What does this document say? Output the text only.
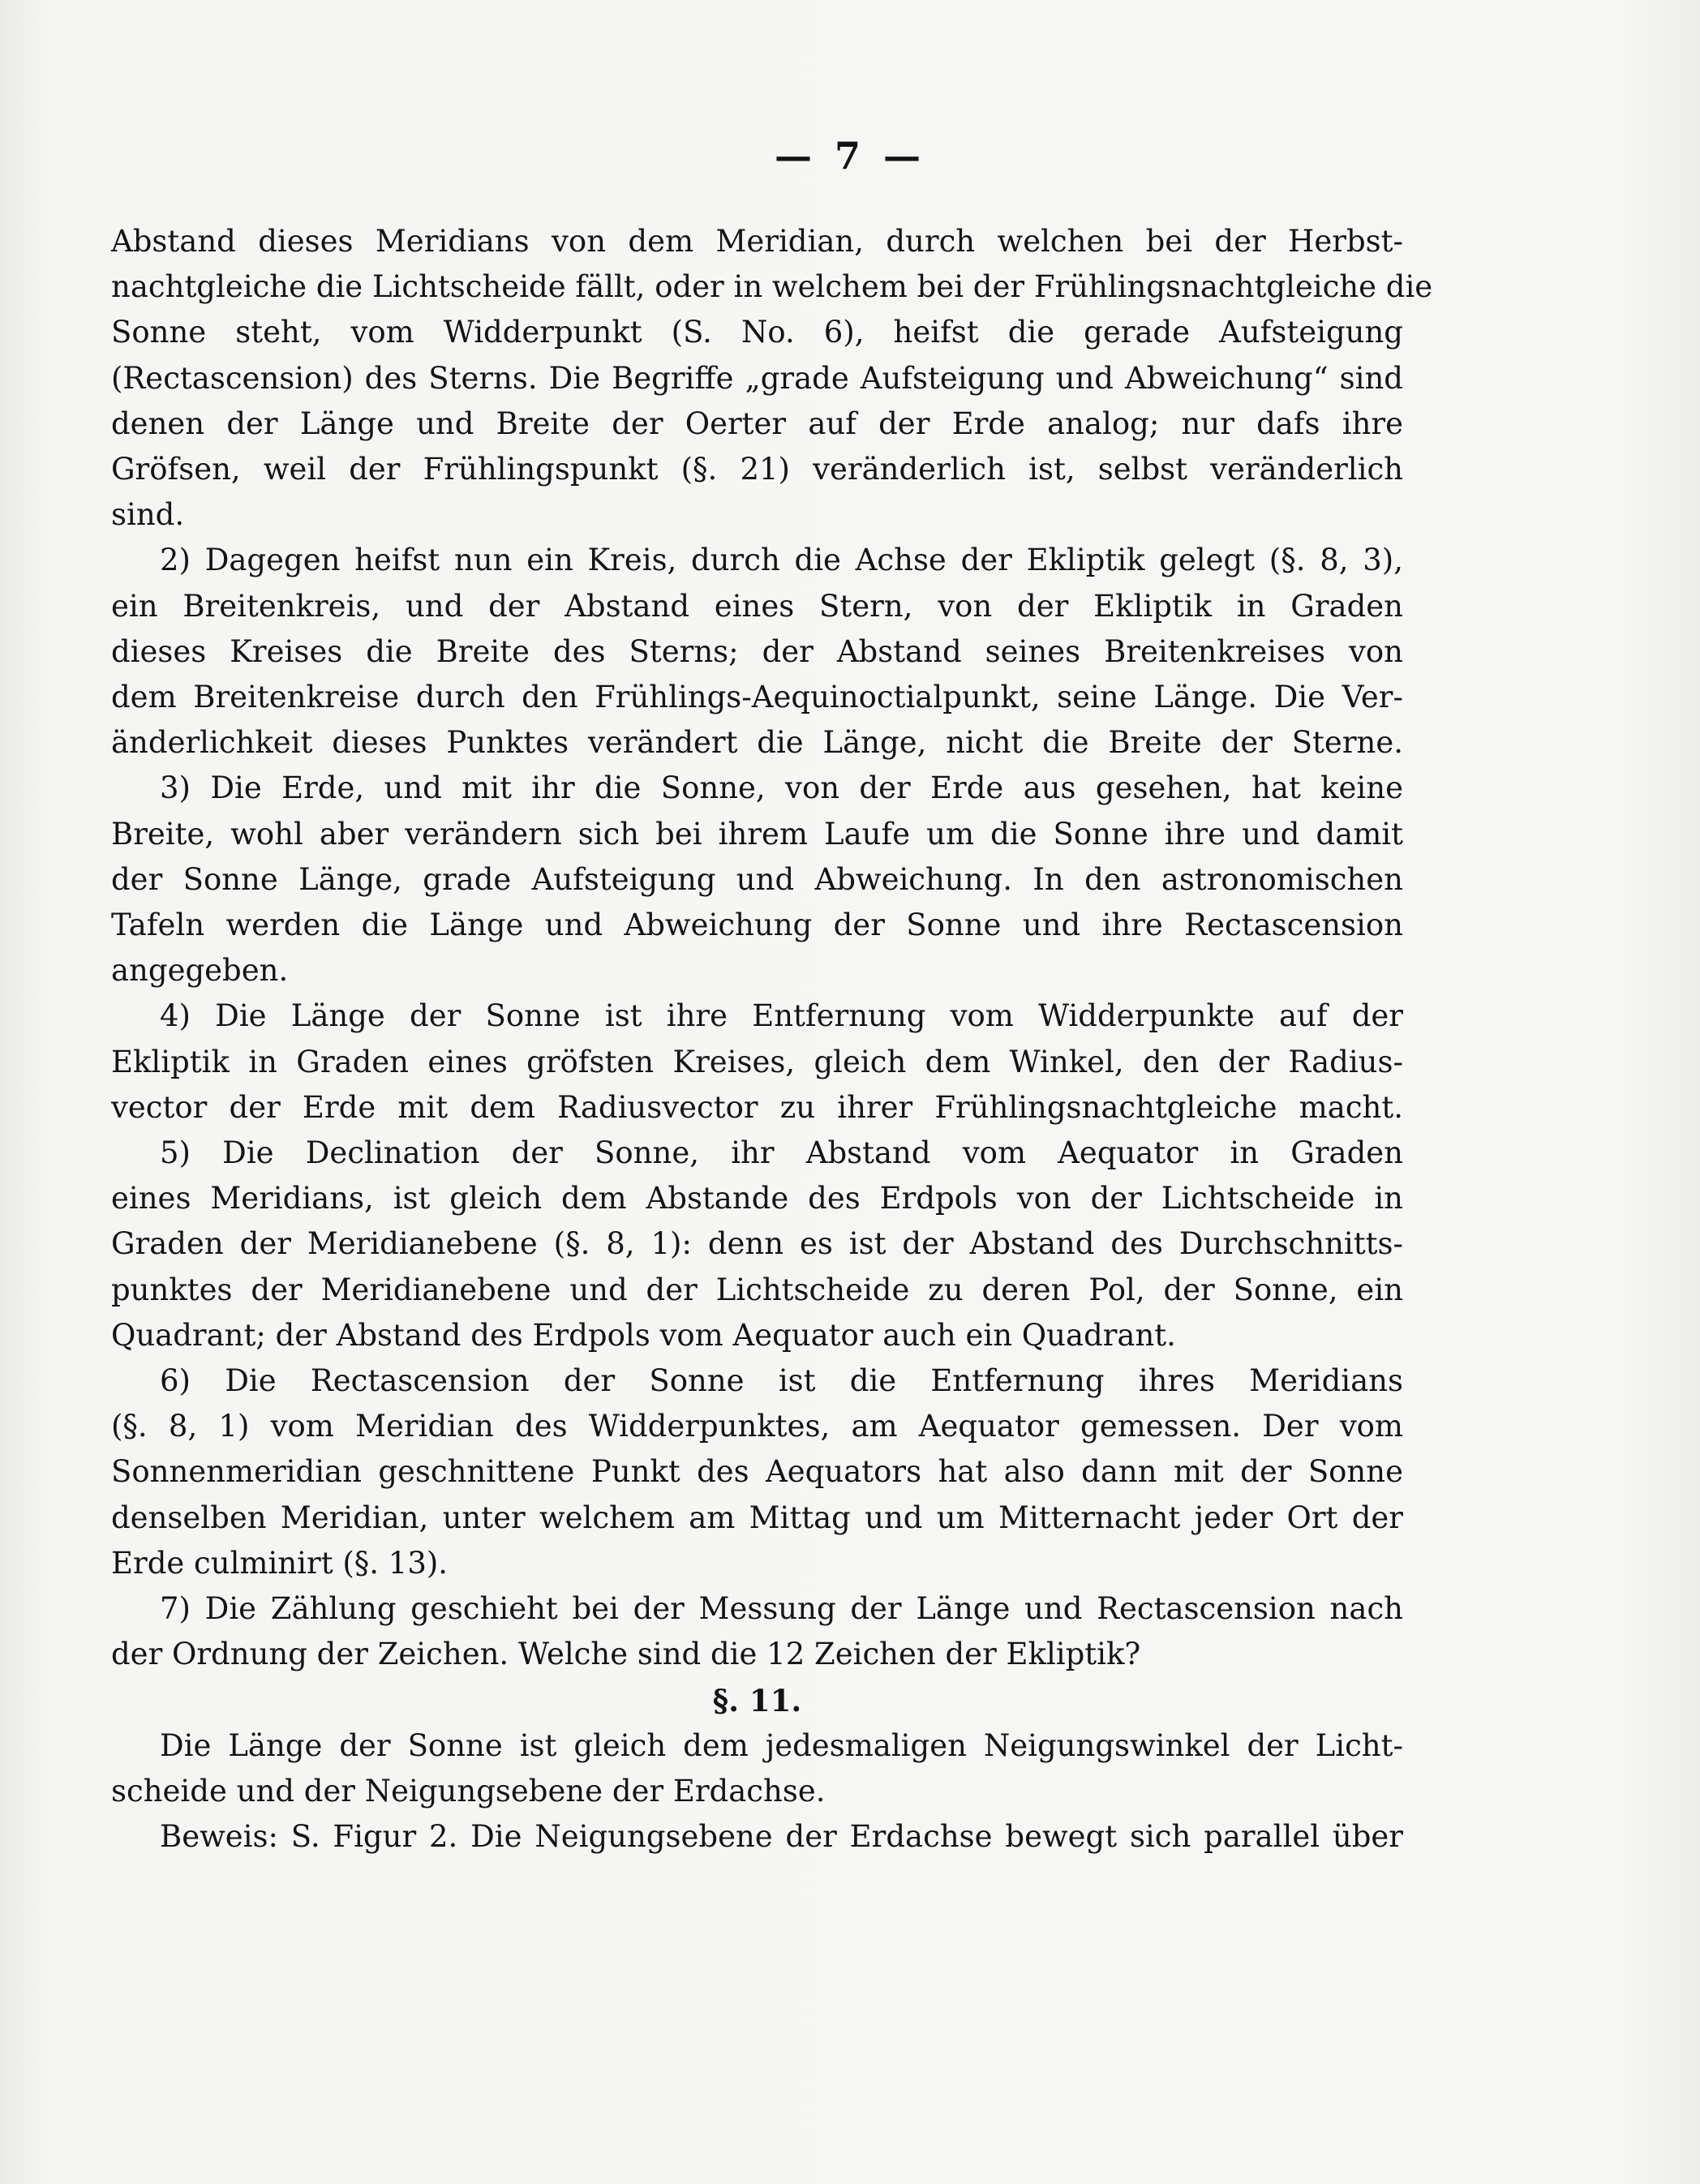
— 7 —
Abstand dieses Meridians von dem Meridian, durch welchen bei der Herbst-
nachtgleiche die Lichtscheide fällt, oder in welchem bei der Frühlingsnachtgleiche die
Sonne steht, vom Widderpunkt (S. No. 6), heifst die gerade Aufsteigung
(Rectascension) des Sterns. Die Begriffe „grade Aufsteigung und Abweichung“ sind
denen der Länge und Breite der Oerter auf der Erde analog; nur dafs ihre
Gröfsen, weil der Frühlingspunkt (§. 21) veränderlich ist, selbst veränderlich
sind.
2) Dagegen heifst nun ein Kreis, durch die Achse der Ekliptik gelegt (§. 8, 3),
ein Breitenkreis, und der Abstand eines Stern, von der Ekliptik in Graden
dieses Kreises die Breite des Sterns; der Abstand seines Breitenkreises von
dem Breitenkreise durch den Frühlings-Aequinoctialpunkt, seine Länge. Die Ver-
änderlichkeit dieses Punktes verändert die Länge, nicht die Breite der Sterne.
3) Die Erde, und mit ihr die Sonne, von der Erde aus gesehen, hat keine
Breite, wohl aber verändern sich bei ihrem Laufe um die Sonne ihre und damit
der Sonne Länge, grade Aufsteigung und Abweichung. In den astronomischen
Tafeln werden die Länge und Abweichung der Sonne und ihre Rectascension
angegeben.
4) Die Länge der Sonne ist ihre Entfernung vom Widderpunkte auf der
Ekliptik in Graden eines gröfsten Kreises, gleich dem Winkel, den der Radius-
vector der Erde mit dem Radiusvector zu ihrer Frühlingsnachtgleiche macht.
5) Die Declination der Sonne, ihr Abstand vom Aequator in Graden
eines Meridians, ist gleich dem Abstande des Erdpols von der Lichtscheide in
Graden der Meridianebene (§. 8, 1): denn es ist der Abstand des Durchschnitts-
punktes der Meridianebene und der Lichtscheide zu deren Pol, der Sonne, ein
Quadrant; der Abstand des Erdpols vom Aequator auch ein Quadrant.
6) Die Rectascension der Sonne ist die Entfernung ihres Meridians
(§. 8, 1) vom Meridian des Widderpunktes, am Aequator gemessen. Der vom
Sonnenmeridian geschnittene Punkt des Aequators hat also dann mit der Sonne
denselben Meridian, unter welchem am Mittag und um Mitternacht jeder Ort der
Erde culminirt (§. 13).
7) Die Zählung geschieht bei der Messung der Länge und Rectascension nach
der Ordnung der Zeichen. Welche sind die 12 Zeichen der Ekliptik?
§. 11.
Die Länge der Sonne ist gleich dem jedesmaligen Neigungswinkel der Licht-
scheide und der Neigungsebene der Erdachse.
Beweis: S. Figur 2. Die Neigungsebene der Erdachse bewegt sich parallel über
